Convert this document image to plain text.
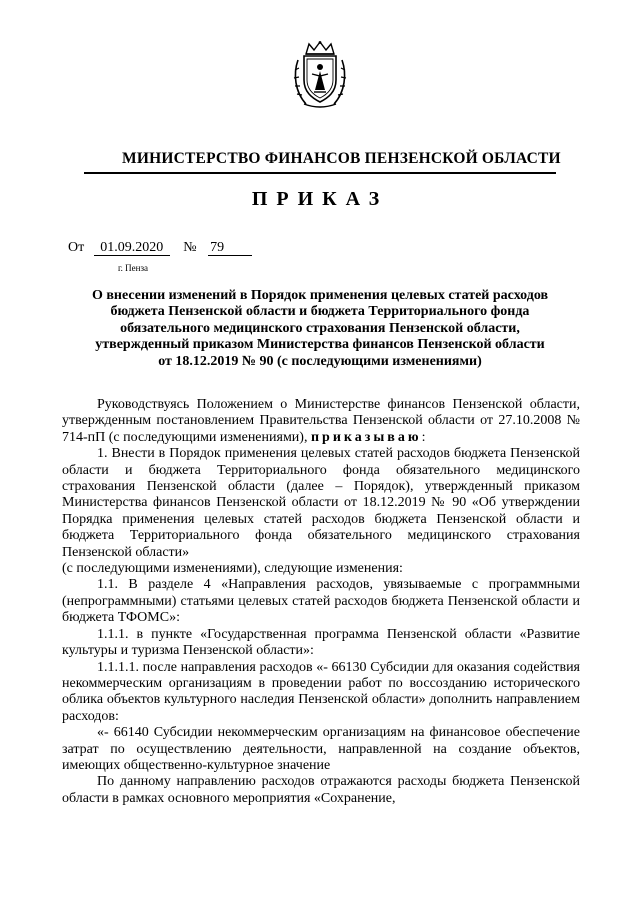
МИНИСТЕРСТВО ФИНАНСОВ ПЕНЗЕНСКОЙ ОБЛАСТИ
ПРИКАЗ
От 01.09.2020 № 79
г. Пенза
О внесении изменений в Порядок применения целевых статей расходов
бюджета Пензенской области и бюджета Территориального фонда
обязательного медицинского страхования Пензенской области,
утвержденный приказом Министерства финансов Пензенской области
от 18.12.2019 № 90 (с последующими изменениями)

Руководствуясь Положением о Министерстве финансов Пензенской области, утвержденным постановлением Правительства Пензенской области от 27.10.2008 № 714-пП (с последующими изменениями), приказываю:

1. Внести в Порядок применения целевых статей расходов бюджета Пензенской области и бюджета Территориального фонда обязательного медицинского страхования Пензенской области (далее – Порядок), утвержденный приказом Министерства финансов Пензенской области от 18.12.2019 № 90 «Об утверждении Порядка применения целевых статей расходов бюджета Пензенской области и бюджета Территориального фонда обязательного медицинского страхования Пензенской области»

(с последующими изменениями), следующие изменения:

1.1. В разделе 4 «Направления расходов, увязываемые с программными (непрограммными) статьями целевых статей расходов бюджета Пензенской области и бюджета ТФОМС»:

1.1.1. в пункте «Государственная программа Пензенской области «Развитие культуры и туризма Пензенской области»:

1.1.1.1. после направления расходов «- 66130 Субсидии для оказания содействия некоммерческим организациям в проведении работ по воссозданию исторического облика объектов культурного наследия Пензенской области» дополнить направлением расходов:

«- 66140 Субсидии некоммерческим организациям на финансовое обеспечение затрат по осуществлению деятельности, направленной на создание объектов, имеющих общественно-культурное значение

По данному направлению расходов отражаются расходы бюджета Пензенской области в рамках основного мероприятия «Сохранение,
